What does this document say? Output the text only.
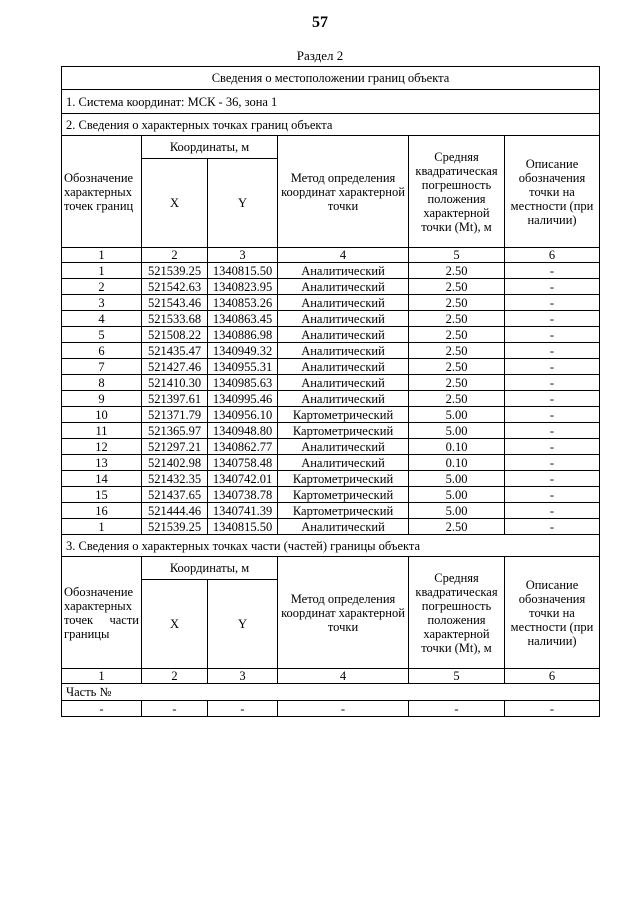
57
Раздел 2
Сведения о местоположении границ объекта					
1. Система координат: МСК - 36, зона 1					
2. Сведения о характерных точках границ объекта					
Обозначение характерных точек границ	Координаты, м		Метод определения координат характерной точки	Средняя квадратическая погрешность положения характерной точки (Mt), м	Описание обозначения точки на местности (при наличии)
	X	Y			
1	2	3	4	5	6
1	521539.25	1340815.50	Аналитический	2.50	-
2	521542.63	1340823.95	Аналитический	2.50	-
3	521543.46	1340853.26	Аналитический	2.50	-
4	521533.68	1340863.45	Аналитический	2.50	-
5	521508.22	1340886.98	Аналитический	2.50	-
6	521435.47	1340949.32	Аналитический	2.50	-
7	521427.46	1340955.31	Аналитический	2.50	-
8	521410.30	1340985.63	Аналитический	2.50	-
9	521397.61	1340995.46	Аналитический	2.50	-
10	521371.79	1340956.10	Картометрический	5.00	-
11	521365.97	1340948.80	Картометрический	5.00	-
12	521297.21	1340862.77	Аналитический	0.10	-
13	521402.98	1340758.48	Аналитический	0.10	-
14	521432.35	1340742.01	Картометрический	5.00	-
15	521437.65	1340738.78	Картометрический	5.00	-
16	521444.46	1340741.39	Картометрический	5.00	-
1	521539.25	1340815.50	Аналитический	2.50	-
3. Сведения о характерных точках части (частей) границы объекта					
Обозначение характерных точек части границы	Координаты, м		Метод определения координат характерной точки	Средняя квадратическая погрешность положения характерной точки (Mt), м	Описание обозначения точки на местности (при наличии)
	X	Y			
1	2	3	4	5	6
Часть №					
-	-	-	-	-	-
